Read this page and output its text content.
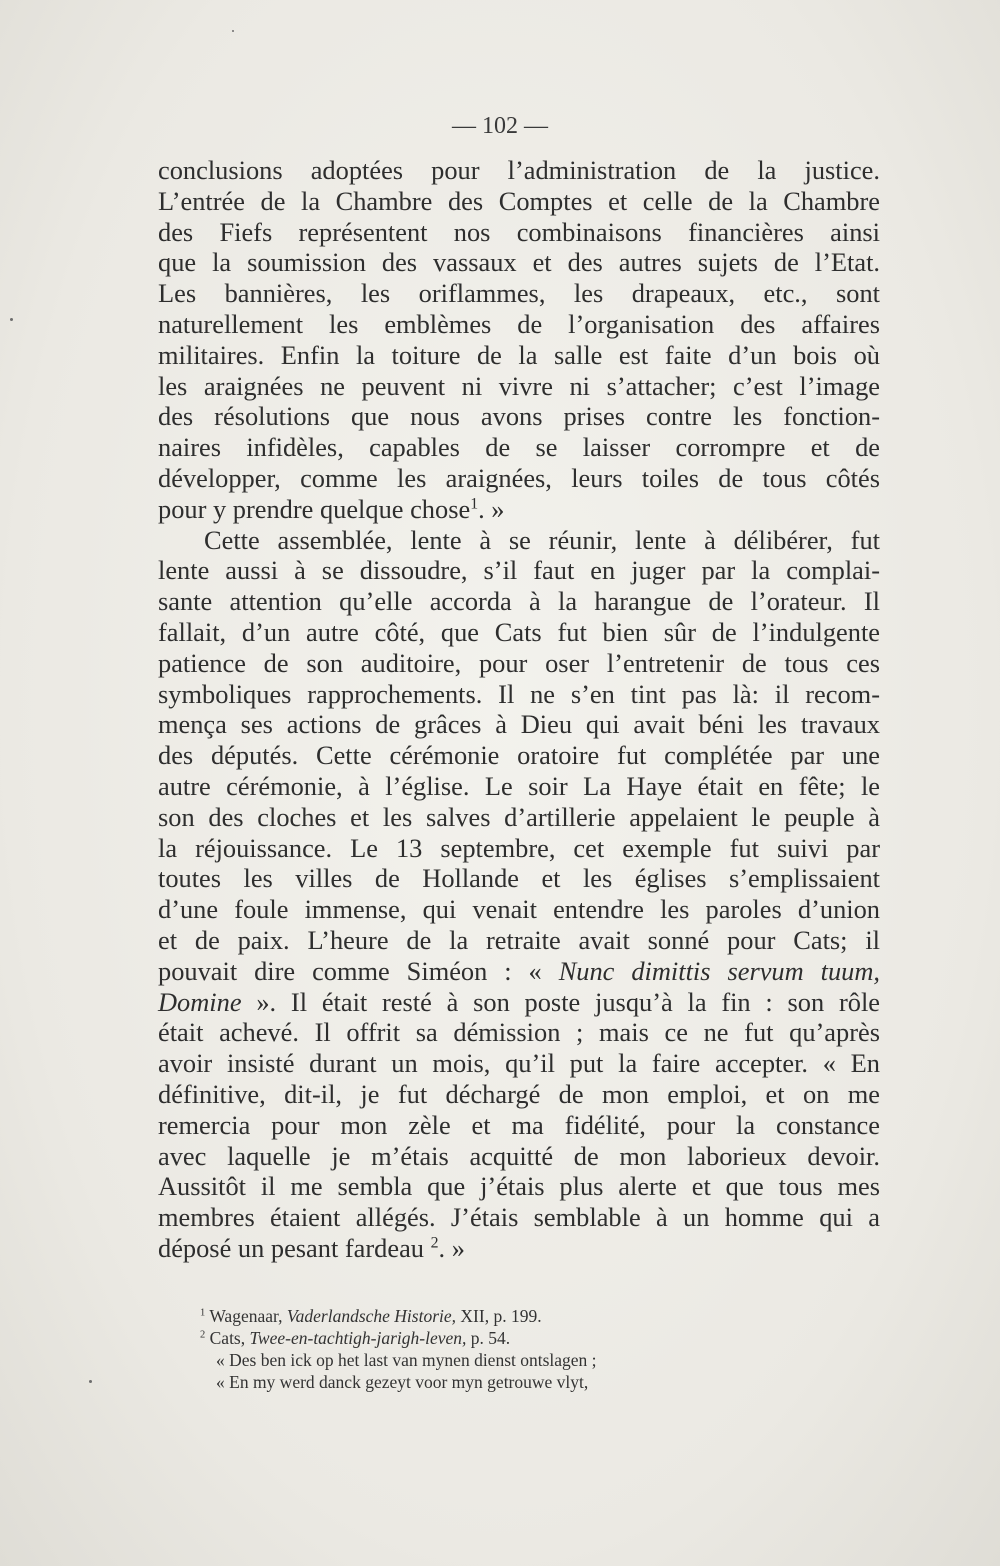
— 102 —
conclusions adoptées pour l’administration de la justice.
L’entrée de la Chambre des Comptes et celle de la Chambre
des Fiefs représentent nos combinaisons financières ainsi
que la soumission des vassaux et des autres sujets de l’Etat.
Les bannières, les oriflammes, les drapeaux, etc., sont
naturellement les emblèmes de l’organisation des affaires
militaires. Enfin la toiture de la salle est faite d’un bois où
les araignées ne peuvent ni vivre ni s’attacher; c’est l’image
des résolutions que nous avons prises contre les fonction-
naires infidèles, capables de se laisser corrompre et de
développer, comme les araignées, leurs toiles de tous côtés
pour y prendre quelque chose$^1$. »
Cette assemblée, lente à se réunir, lente à délibérer, fut
lente aussi à se dissoudre, s’il faut en juger par la complai-
sante attention qu’elle accorda à la harangue de l’orateur. Il
fallait, d’un autre côté, que Cats fut bien sûr de l’indulgente
patience de son auditoire, pour oser l’entretenir de tous ces
symboliques rapprochements. Il ne s’en tint pas là: il recom-
mença ses actions de grâces à Dieu qui avait béni les travaux
des députés. Cette cérémonie oratoire fut complétée par une
autre cérémonie, à l’église. Le soir La Haye était en fête; le
son des cloches et les salves d’artillerie appelaient le peuple à
la réjouissance. Le 13 septembre, cet exemple fut suivi par
toutes les villes de Hollande et les églises s’emplissaient
d’une foule immense, qui venait entendre les paroles d’union
et de paix. L’heure de la retraite avait sonné pour Cats; il
pouvait dire comme Siméon : « Nunc dimittis servum tuum,
Domine ». Il était resté à son poste jusqu’à la fin : son rôle
était achevé. Il offrit sa démission ; mais ce ne fut qu’après
avoir insisté durant un mois, qu’il put la faire accepter. « En
définitive, dit-il, je fut déchargé de mon emploi, et on me
remercia pour mon zèle et ma fidélité, pour la constance
avec laquelle je m’étais acquitté de mon laborieux devoir.
Aussitôt il me sembla que j’étais plus alerte et que tous mes
membres étaient allégés. J’étais semblable à un homme qui a
déposé un pesant fardeau $^2$. »
$^1$ Wagenaar, Vaderlandsche Historie, XII, p. 199.
$^2$ Cats, Twee-en-tachtigh-jarigh-leven, p. 54.
« Des ben ick op het last van mynen dienst ontslagen ;
« En my werd danck gezeyt voor myn getrouwe vlyt,
